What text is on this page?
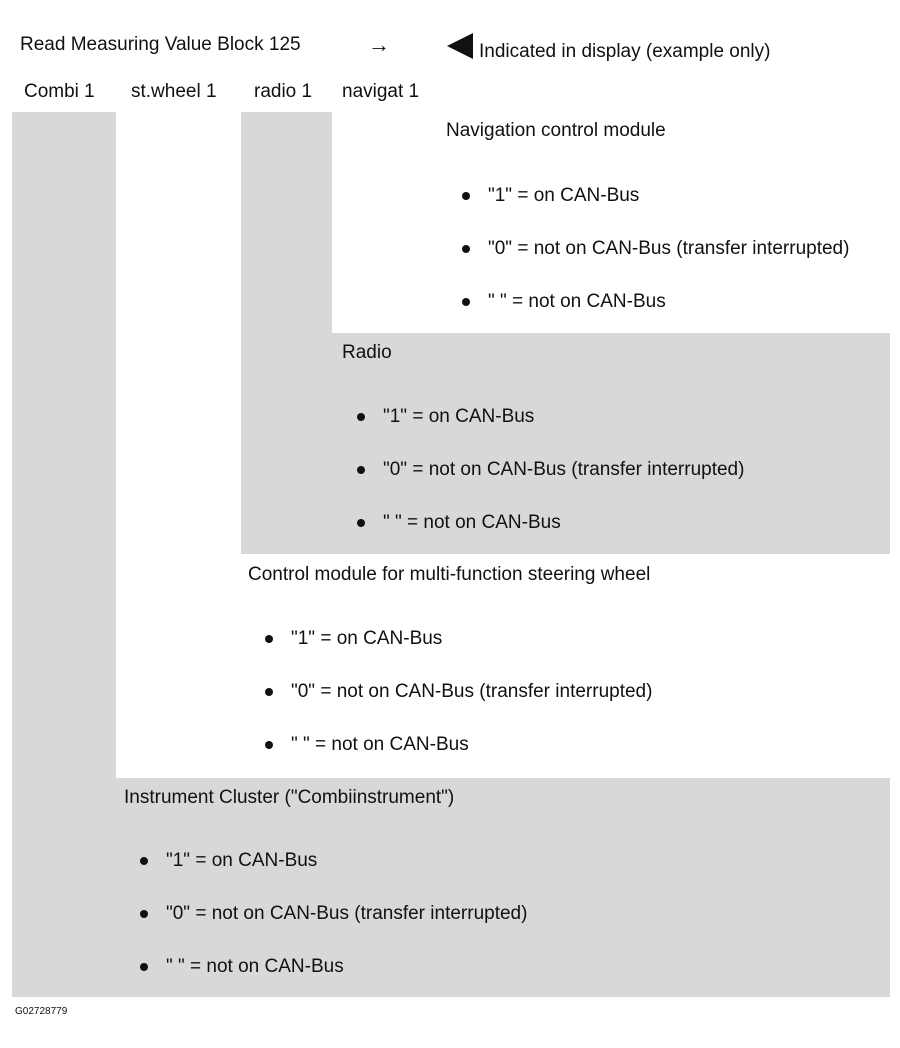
Read Measuring Value Block 125	→	Indicated in display (example only)
Combi 1 st.wheel 1 radio 1 navigat 1
Navigation control module
"1" = on CAN-Bus
"0" = not on CAN-Bus (transfer interrupted)
" " = not on CAN-Bus
Radio
"1" = on CAN-Bus
"0" = not on CAN-Bus (transfer interrupted)
" " = not on CAN-Bus
Control module for multi-function steering wheel
"1" = on CAN-Bus
"0" = not on CAN-Bus (transfer interrupted)
" " = not on CAN-Bus
Instrument Cluster ("Combiinstrument")
"1" = on CAN-Bus
"0" = not on CAN-Bus (transfer interrupted)
" " = not on CAN-Bus
G02728779
